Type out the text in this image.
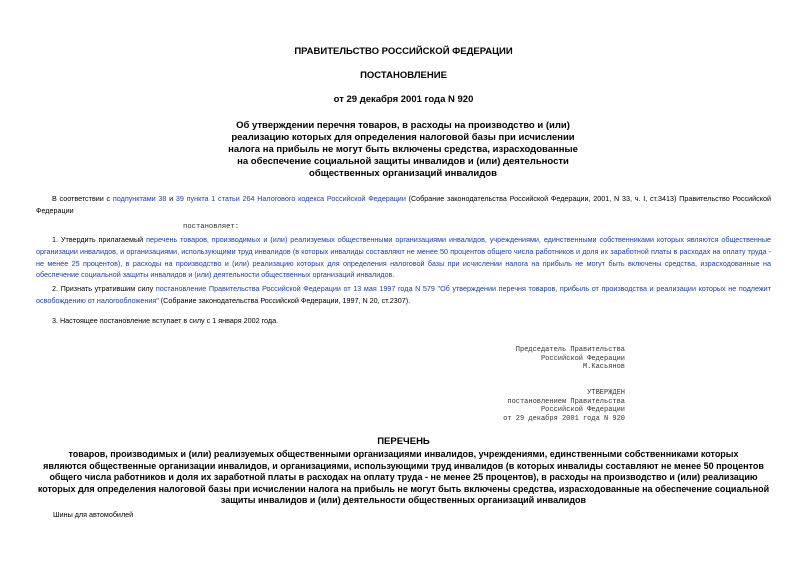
ПРАВИТЕЛЬСТВО РОССИЙСКОЙ ФЕДЕРАЦИИ
ПОСТАНОВЛЕНИЕ
от 29 декабря 2001 года N 920
Об утверждении перечня товаров, в расходы на производство и (или)
реализацию которых для определения налоговой базы при исчислении
налога на прибыль не могут быть включены средства, израсходованные
на обеспечение социальной защиты инвалидов и (или) деятельности
общественных организаций инвалидов
В соответствии с подпунктами 38 и 39 пункта 1 статьи 264 Налогового кодекса Российской Федерации (Собрание законодательства Российской Федерации, 2001, N 33, ч. I, ст.3413) Правительство Российской Федерации
постановляет:
1. Утвердить прилагаемый перечень товаров, производимых и (или) реализуемых общественными организациями инвалидов, учреждениями, единственными собственниками которых являются общественные организации инвалидов, и организациями, использующими труд инвалидов (в которых инвалиды составляют не менее 50 процентов общего числа работников и доля их заработной платы в расходах на оплату труда - не менее 25 процентов), в расходы на производство и (или) реализацию которых для определения налоговой базы при исчислении налога на прибыль не могут быть включены средства, израсходованные на обеспечение социальной защиты инвалидов и (или) деятельности общественных организаций инвалидов.
2. Признать утратившим силу постановление Правительства Российской Федерации от 13 мая 1997 года N 579 "Об утверждении перечня товаров, прибыль от производства и реализации которых не подлежит освобождению от налогообложения" (Собрание законодательства Российской Федерации, 1997, N 20, ст.2307).
3. Настоящее постановление вступает в силу с 1 января 2002 года.
Председатель Правительства
Российской Федерации
М.Касьянов
УТВЕРЖДЕН
постановлением Правительства
Российской Федерации
от 29 декабря 2001 года N 920
ПЕРЕЧЕНЬ
товаров, производимых и (или) реализуемых общественными организациями инвалидов, учреждениями, единственными собственниками которых
являются общественные организации инвалидов, и организациями, использующими труд инвалидов (в которых инвалиды составляют не менее 50 процентов
общего числа работников и доля их заработной платы в расходах на оплату труда - не менее 25 процентов), в расходы на производство и (или) реализацию
которых для определения налоговой базы при исчислении налога на прибыль не могут быть включены средства, израсходованные на обеспечение социальной
защиты инвалидов и (или) деятельности общественных организаций инвалидов
Шины для автомобилей
